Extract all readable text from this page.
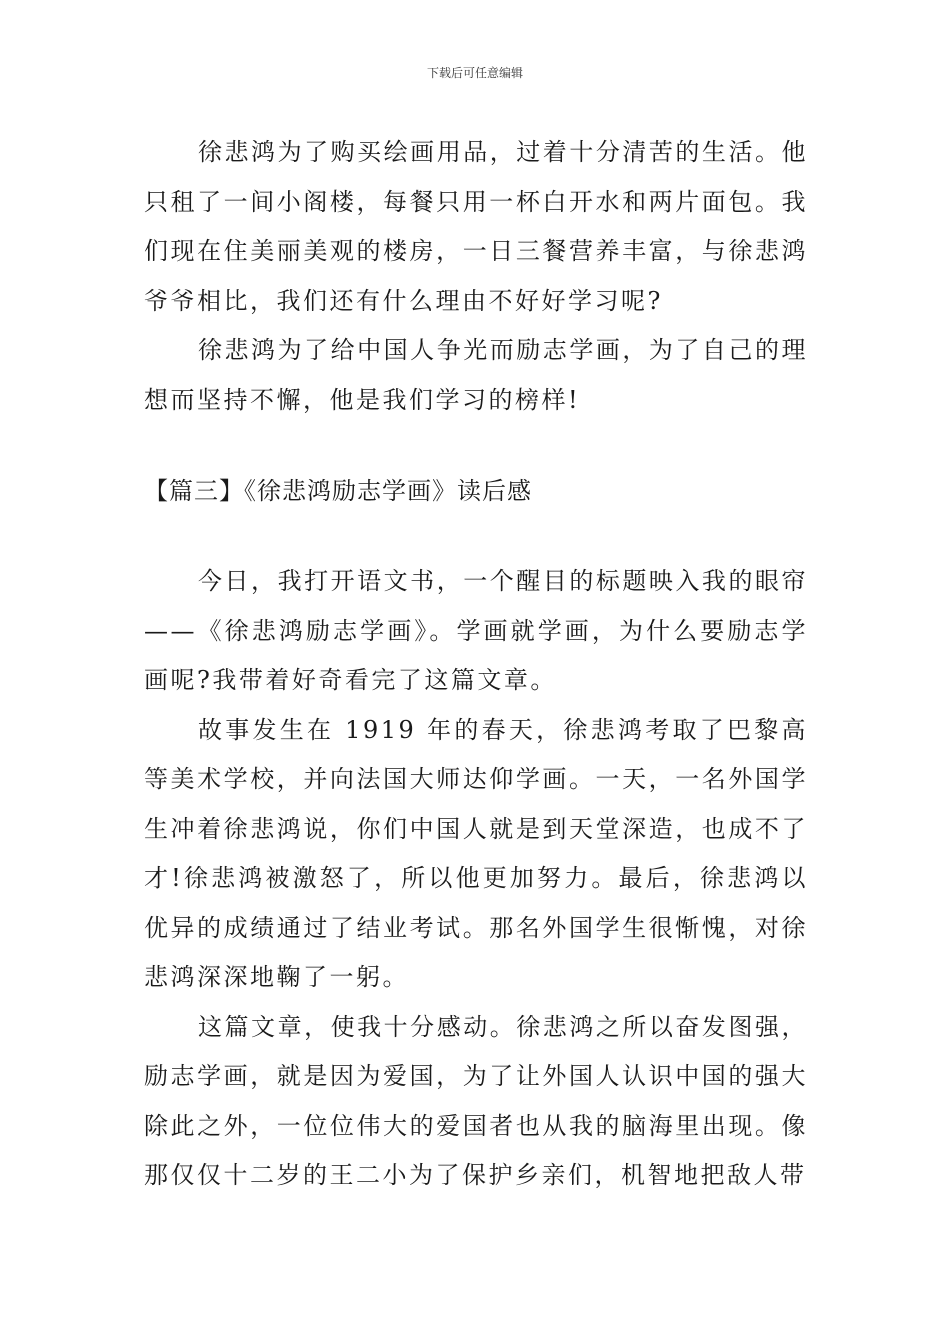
下载后可任意编辑

徐悲鸿为了购买绘画用品，过着十分清苦的生活。他只租了一间小阁楼，每餐只用一杯白开水和两片面包。我们现在住美丽美观的楼房，一日三餐营养丰富，与徐悲鸿爷爷相比，我们还有什么理由不好好学习呢?

徐悲鸿为了给中国人争光而励志学画，为了自己的理想而坚持不懈，他是我们学习的榜样!

【篇三】《徐悲鸿励志学画》读后感

今日，我打开语文书，一个醒目的标题映入我的眼帘——《徐悲鸿励志学画》。学画就学画，为什么要励志学画呢?我带着好奇看完了这篇文章。

故事发生在 1919 年的春天，徐悲鸿考取了巴黎高等美术学校，并向法国大师达仰学画。一天，一名外国学生冲着徐悲鸿说，你们中国人就是到天堂深造，也成不了才!徐悲鸿被激怒了，所以他更加努力。最后，徐悲鸿以优异的成绩通过了结业考试。那名外国学生很惭愧，对徐悲鸿深深地鞠了一躬。

这篇文章，使我十分感动。徐悲鸿之所以奋发图强，励志学画，就是因为爱国，为了让外国人认识中国的强大除此之外，一位位伟大的爱国者也从我的脑海里出现。像那仅仅十二岁的王二小为了保护乡亲们，机智地把敌人带
